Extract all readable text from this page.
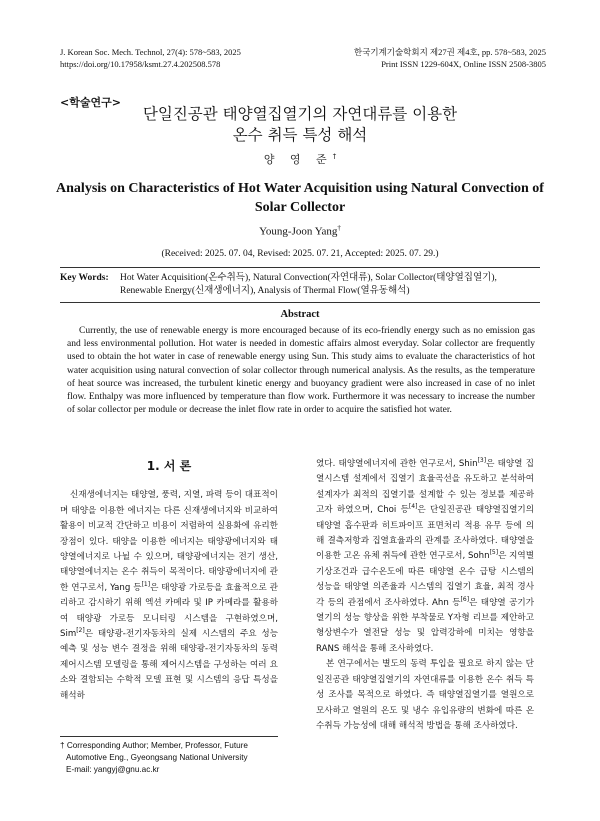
J. Korean Soc. Mech. Technol, 27(4): 578~583, 2025
https://doi.org/10.17958/ksmt.27.4.202508.578
한국기계기술학회지 제27권 제4호, pp. 578~583, 2025
Print ISSN 1229-604X, Online ISSN 2508-3805
<학술연구>
단일진공관 태양열집열기의 자연대류를 이용한
온수 취득 특성 해석
양 영 준†
Analysis on Characteristics of Hot Water Acquisition using Natural Convection of Solar Collector
Young-Joon Yang†
(Received: 2025. 07. 04, Revised: 2025. 07. 21, Accepted: 2025. 07. 29.)
Key Words: Hot Water Acquisition(온수취득), Natural Convection(자연대류), Solar Collector(태양열집열기), Renewable Energy(신재생에너지), Analysis of Thermal Flow(열유동해석)
Abstract

Currently, the use of renewable energy is more encouraged because of its eco-friendly energy such as no emission gas and less environmental pollution. Hot water is needed in domestic affairs almost everyday. Solar collector are frequently used to obtain the hot water in case of renewable energy using Sun. This study aims to evaluate the characteristics of hot water acquisition using natural convection of solar collector through numerical analysis. As the results, as the temperature of heat source was increased, the turbulent kinetic energy and buoyancy gradient were also increased in case of no inlet flow. Enthalpy was more influenced by temperature than flow work. Furthermore it was necessary to increase the number of solar collector per module or decrease the inlet flow rate in order to acquire the satisfied hot water.

1. 서 론

신재생에너지는 태양열, 풍력, 지열, 파력 등이 대표적이며 태양을 이용한 에너지는 다른 신재생에너지와 비교하여 활용이 비교적 간단하고 비용이 저렴하여 실용화에 유리한 장점이 있다. 태양을 이용한 에너지는 태양광에너지와 태양열에너지로 나뉠 수 있으며, 태양광에너지는 전기 생산, 태양열에너지는 온수 취득이 목적이다. 태양광에너지에 관한 연구로서, Yang 등[1]은 태양광 가로등을 효율적으로 관리하고 감시하기 위해 엑션 카메라 및 IP 카메라를 활용하여 태양광 가로등 모니터링 시스템을 구현하였으며, Sim[2]은 태양광-전기자동차의 실제 시스템의 주요 성능 예측 및 성능 변수 결정을 위해 태양광-전기자동차의 동력 제어시스템 모델링을 통해 제어시스템을 구성하는 여러 요소와 결함되는 수학적 모델 표현 및 시스템의 응답 특성을 해석하

였다. 태양열에너지에 관한 연구로서, Shin[3]은 태양열 집열시스템 설계에서 집열기 효율곡선을 유도하고 분석하여 설계자가 최적의 집열기를 설계할 수 있는 정보를 제공하고자 하였으며, Choi 등[4]은 단일진공관 태양열집열기의 태양열 흡수판과 히트파이프 표면처리 적용 유무 등에 의해 결측저항과 집열효율과의 관계를 조사하였다. 태양열을 이용한 고온 유체 취득에 관한 연구로서, Sohn[5]은 지역별 기상조건과 급수온도에 따른 태양열 온수 급탕 시스템의 성능을 태양열 의존율과 시스템의 집열기 효율, 최적 경사각 등의 관점에서 조사하였다. Ahn 등[6]은 태양열 공기가열기의 성능 향상을 위한 부착물로 Y자형 리브를 제안하고 형상변수가 열전달 성능 및 압력강하에 미치는 영향을 RANS 해석을 통해 조사하였다.

본 연구에서는 별도의 동력 투입을 필요로 하지 않는 단일진공관 태양열집열기의 자연대류를 이용한 온수 취득 특성 조사를 목적으로 하였다. 즉 태양열집열기를 열원으로 모사하고 열원의 온도 및 냉수 유입유량의 변화에 따른 온수취득 가능성에 대해 해석적 방법을 통해 조사하였다.

† Corresponding Author; Member, Professor, Future Automotive Eng., Gyeongsang National University
E-mail: yangyj@gnu.ac.kr
